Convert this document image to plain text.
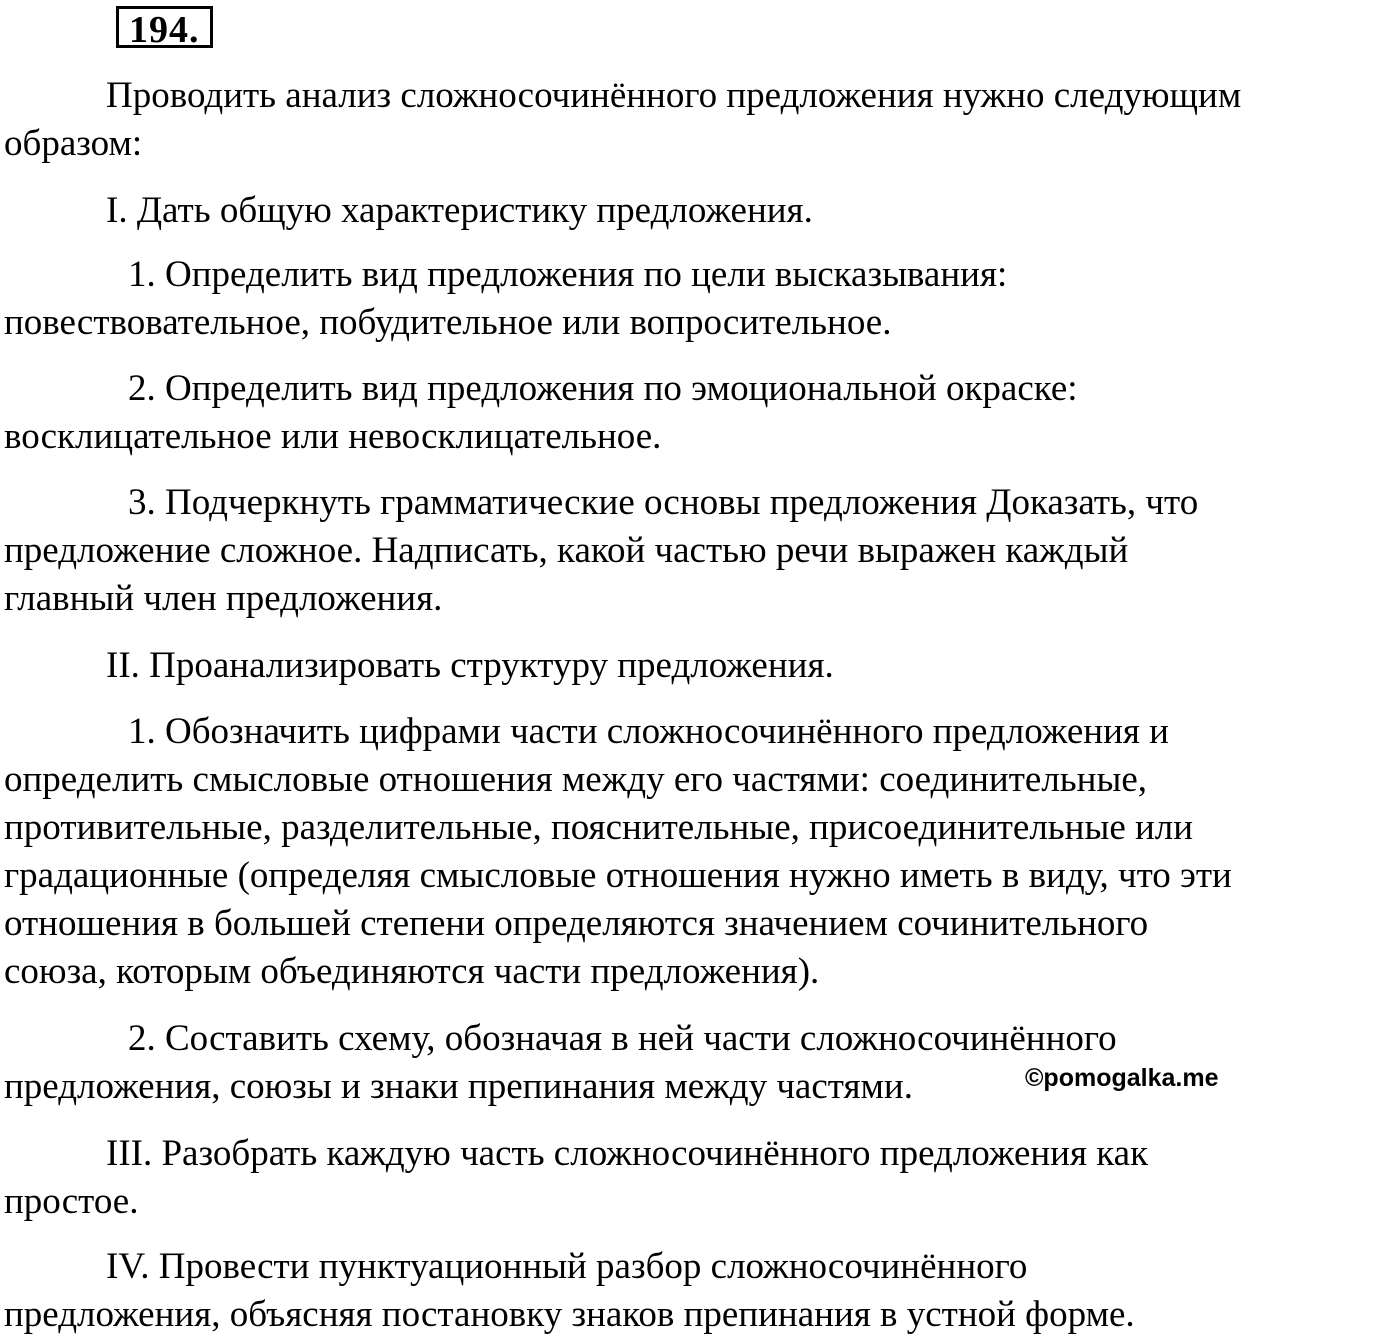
194.
Проводить анализ сложносочинённого предложения нужно следующим
образом:
I. Дать общую характеристику предложения.
1. Определить вид предложения по цели высказывания:
повествовательное, побудительное или вопросительное.
2. Определить вид предложения по эмоциональной окраске:
восклицательное или невосклицательное.
3. Подчеркнуть грамматические основы предложения Доказать, что
предложение сложное. Надписать, какой частью речи выражен каждый
главный член предложения.
II. Проанализировать структуру предложения.
1. Обозначить цифрами части сложносочинённого предложения и
определить смысловые отношения между его частями: соединительные,
противительные, разделительные, пояснительные, присоединительные или
градационные (определяя смысловые отношения нужно иметь в виду, что эти
отношения в большей степени определяются значением сочинительного
союза, которым объединяются части предложения).
2. Составить схему, обозначая в ней части сложносочинённого
предложения, союзы и знаки препинания между частями.
III. Разобрать каждую часть сложносочинённого предложения как
простое.
IV. Провести пунктуационный разбор сложносочинённого
предложения, объясняя постановку знаков препинания в устной форме.
©pomogalka.me
